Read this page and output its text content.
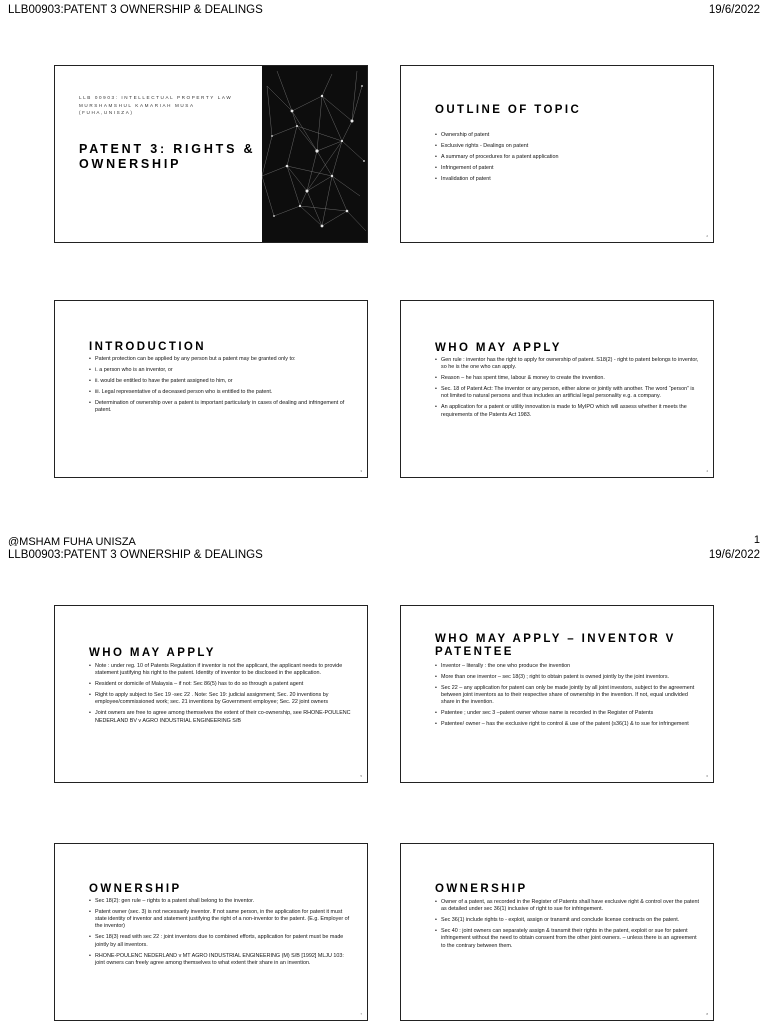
LLB00903:PATENT 3 OWNERSHIP & DEALINGS	19/6/2022

LLB 00903: INTELLECTUAL PROPERTY LAW
MURSHAMSHUL KAMARIAH MUSA (FUHA,UNISZA)
PATENT 3: RIGHTS & OWNERSHIP

OUTLINE OF TOPIC
• Ownership of patent
• Exclusive rights - Dealings on patent
• A summary of procedures for a patent application
• Infringement of patent
• Invalidation of patent
2

INTRODUCTION
• Patent protection can be applied by any person but a patent may be granted only to:
• i. a person who is an inventor, or
• ii. would be entitled to have the patent assigned to him, or
• iii. Legal representative of a deceased person who is entitled to the patent.
• Determination of ownership over a patent is important particularly in cases of dealing and infringement of patent.
3

WHO MAY APPLY
• Gen rule : inventor has the right to apply for ownership of patent. S18(2) - right to patent belongs to inventor, so he is the one who can apply.
• Reason – he has spent time, labour & money to create the invention.
• Sec. 18 of Patent Act: The inventor or any person, either alone or jointly with another. The word “person” is not limited to natural persons and thus includes an artificial legal personality e.g. a company.
• An application for a patent or utility innovation is made to MyIPO which will assess whether it meets the requirements of the Patents Act 1983.
4
@MSHAM FUHA UNISZA	1
LLB00903:PATENT 3 OWNERSHIP & DEALINGS	19/6/2022

WHO MAY APPLY
• Note : under reg. 10 of Patents Regulation if inventor is not the applicant, the applicant needs to provide statement justifying his right to the patent. Identity of inventor to be disclosed in the application.
• Resident or domicile of Malaysia – if not: Sec 86(5) has to do so through a patent agent
• Right to apply subject to Sec 19 -sec 22 . Note: Sec 19: judicial assignment; Sec. 20 inventions by employee/commissioned work; sec. 21 inventions by Government employee; Sec. 22 joint owners
• Joint owners are free to agree among themselves the extent of their co-ownership, see RHONE-POULENC NEDERLAND BV v AGRO INDUSTRIAL ENGINEERING S/B
5

WHO MAY APPLY – INVENTOR V PATENTEE
• Inventor – literally : the one who produce the invention
• More than one inventor – sec 18(3) ; right to obtain patent is owned jointly by the joint inventors.
• Sec 22 – any application for patent can only be made jointly by all joint investors, subject to the agreement between joint inventors as to their respective share of ownership in the invention. If not, equal undivided share in the invention.
• Patentee ; under sec 3 –patent owner whose name is recorded in the Register of Patents
• Patentee/ owner – has the exclusive right to control & use of the patent (s36(1) & to sue for infringement
6

OWNERSHIP
• Sec 18(2): gen rule – rights to a patent shall belong to the inventor.
• Patent owner (sec. 3) is not necessarily inventor. If not same person, in the application for patent it must state identity of inventor and statement justifying the right of a non-inventor to the patent. (E.g. Employer of the inventor)
• Sec 18(3) read with sec 22 : joint inventors due to combined efforts, application for patent must be made jointly by all inventors.
• RHONE-POULENC NEDERLAND v MT AGRO INDUSTRIAL ENGINEERING (M) S/B [1992] MLJU 103: joint owners can freely agree among themselves to what extent their share in an invention.
7

OWNERSHIP
• Owner of a patent, as recorded in the Register of Patents shall have exclusive right & control over the patent as detailed under sec 36(1) inclusive of right to sue for infringement.
• Sec 36(1) include rights to - exploit, assign or transmit and conclude license contracts on the patent.
• Sec 40 : joint owners can separately assign & transmit their rights in the patent, exploit or sue for patent infringement without the need to obtain consent from the other joint owners. – unless there is an agreement to the contrary between them.
8
